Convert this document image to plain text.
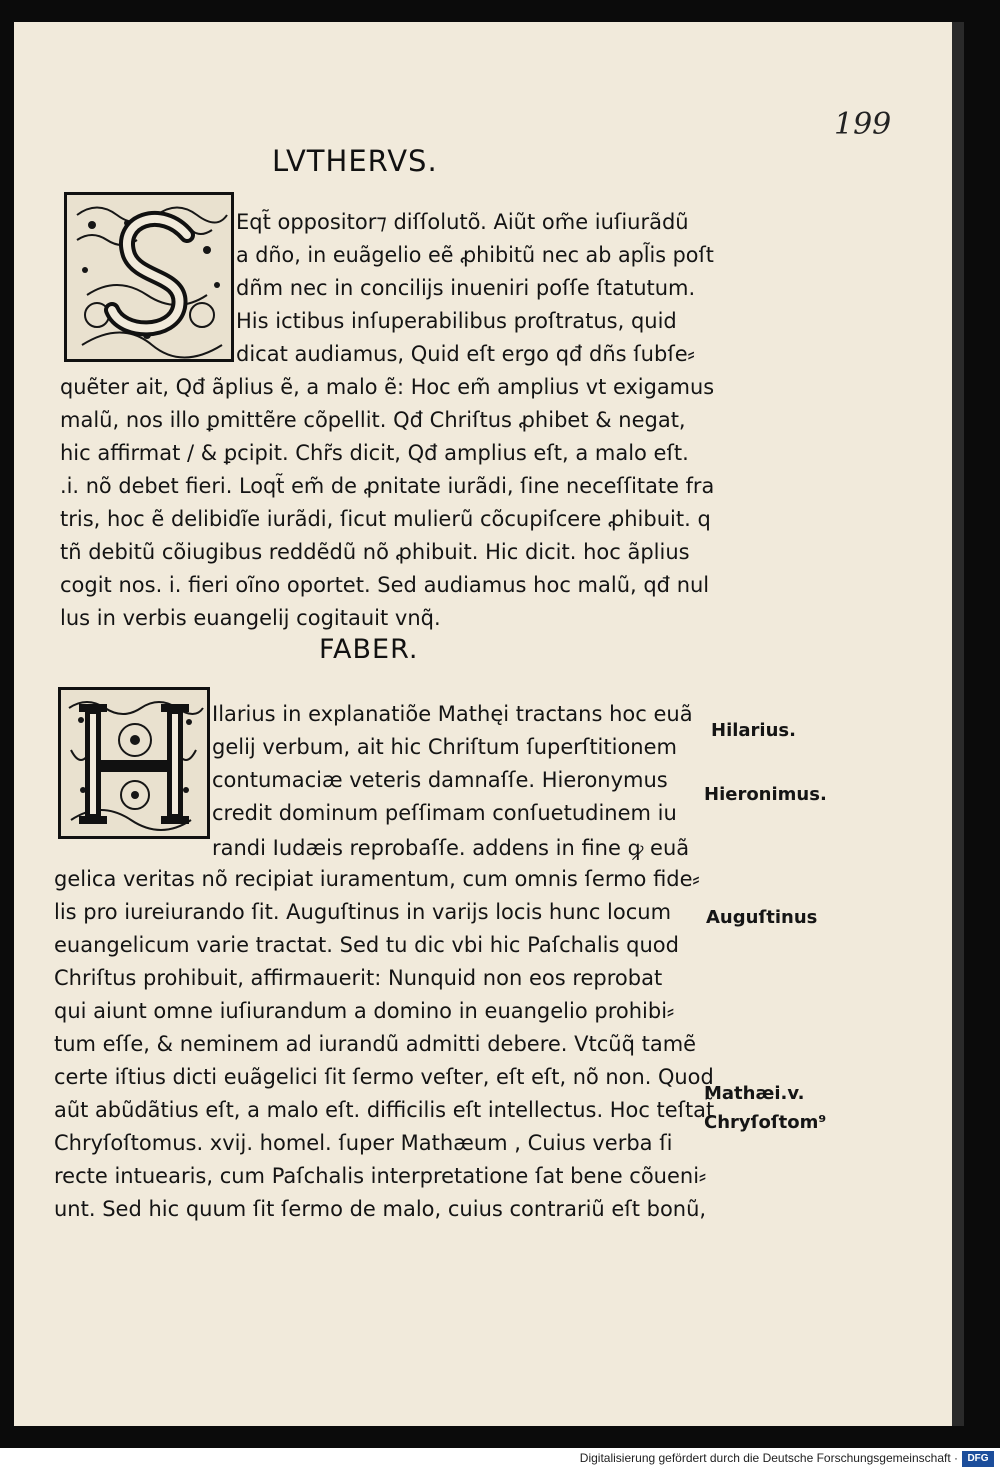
199
LVTHERVS.
Eqt̃ oppositor⁊ diſſolutõ. Aiũt om̃e iuſiurãdũ
a dño, in euãgelio eẽ ꝓhibitũ nec ab apl̃is poſt
dñm nec in concilijs inueniri poſſe ſtatutum.
His ictibus inſuperabilibus proſtratus, quid
dicat audiamus, Quid eſt ergo qđ dñs ſubſe⸗
quẽter ait, Qđ ãplius ẽ, a malo ẽ: Hoc em̃ amplius vt exigamus
malũ, nos illo ꝑmittẽre cõpellit. Qđ Chriſtus ꝓhibet & negat,
hic affirmat / & ꝑcipit. Chr̃s dicit, Qđ amplius eſt, a malo eſt.
.i. nõ debet fieri. Loqt̃ em̃ de ꝓnitate iurãdi, ſine neceſſitate fra
tris, hoc ẽ delibidĩe iurãdi, ſicut mulierũ cõcupiſcere ꝓhibuit. q
tñ debitũ cõiugibus reddẽdũ nõ ꝓhibuit. Hic dicit. hoc ãplius
cogit nos. i. fieri oĩno oportet. Sed audiamus hoc malũ, qđ nul
lus in verbis euangelij cogitauit vnq̃.
FABER.
Ilarius in explanatiõe Mathęi tractans hoc euã
gelij verbum, ait hic Chriſtum ſuperſtitionem
contumaciæ veteris damnaſſe. Hieronymus
credit dominum peſſimam conſuetudinem iu
randi Iudæis reprobaſſe. addens in fine ꝙ euã
gelica veritas nõ recipiat iuramentum, cum omnis ſermo fide⸗
lis pro iureiurando ſit. Auguſtinus in varijs locis hunc locum
euangelicum varie tractat. Sed tu dic vbi hic Paſchalis quod
Chriſtus prohibuit, affirmauerit: Nunquid non eos reprobat
qui aiunt omne iuſiurandum a domino in euangelio prohibi⸗
tum eſſe, & neminem ad iurandũ admitti debere. Vtcũq̃ tamẽ
certe iſtius dicti euãgelici ſit ſermo veſter, eſt eſt, nõ non. Quod
aũt abũdãtius eſt, a malo eſt. difficilis eſt intellectus. Hoc teſtat̃
Chryſoſtomus. xvij. homel. ſuper Mathæum , Cuius verba ſi
recte intuearis, cum Paſchalis interpretatione ſat bene cõueni⸗
unt. Sed hic quum ſit ſermo de malo, cuius contrariũ eſt bonũ,
Hilarius.
Hieronimus.
Auguſtinus
Mathæi.v.
Chryſoſtom⁹
Digitalisierung gefördert durch die Deutsche Forschungsgemeinschaft · DFG
